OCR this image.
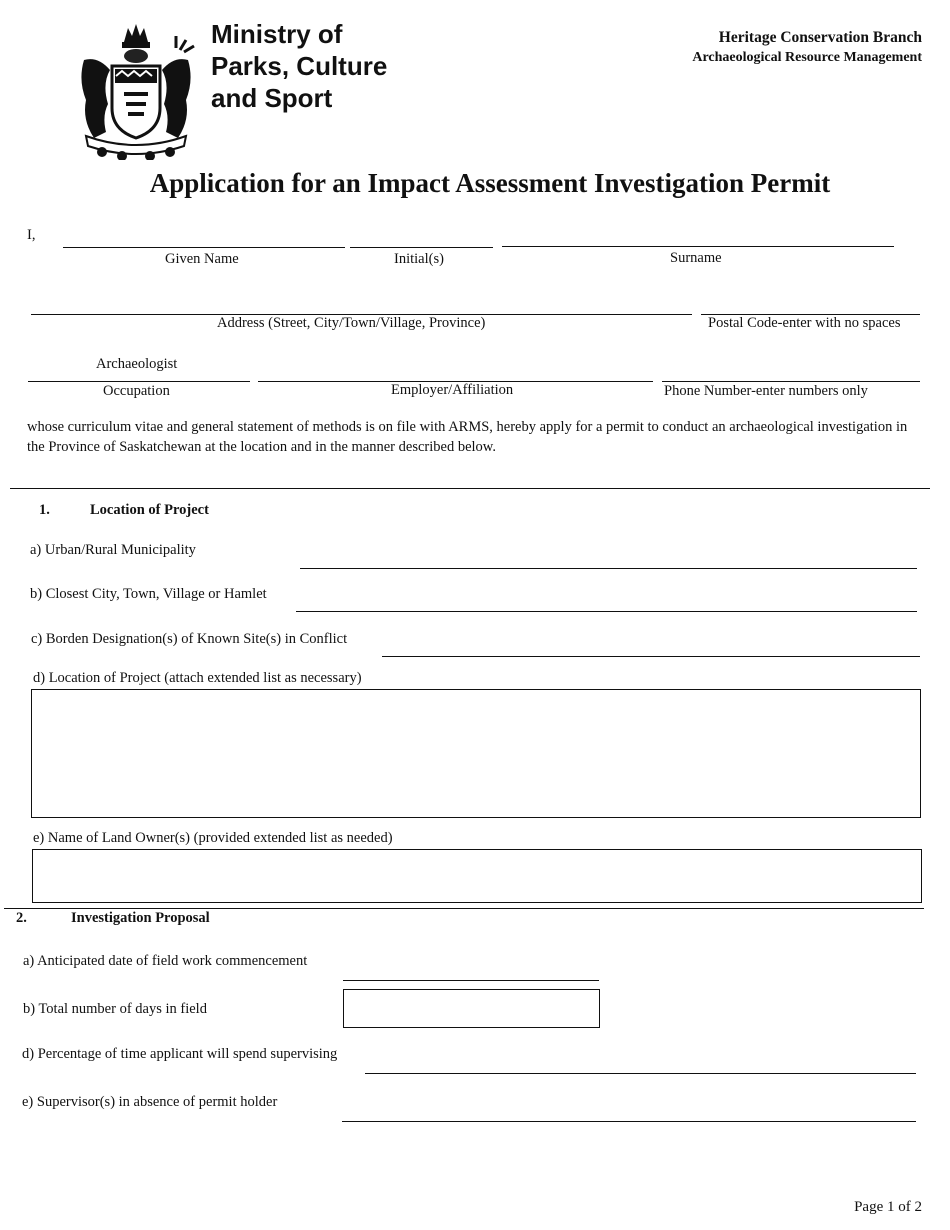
Ministry of
Parks, Culture
and Sport
Heritage Conservation Branch
Archaeological Resource Management
Application for an Impact Assessment Investigation Permit
I,
Given Name	Initial(s)	Surname
Address (Street, City/Town/Village, Province)	Postal Code-enter with no spaces
Archaeologist
Occupation	Employer/Affiliation	Phone Number-enter numbers only
whose curriculum vitae and general statement of methods is on file with ARMS, hereby apply for a permit to conduct an archaeological investigation in the Province of Saskatchewan at the location and in the manner described below.
1.	Location of Project
a) Urban/Rural Municipality
b) Closest City, Town, Village or Hamlet
c) Borden Designation(s) of Known Site(s) in Conflict
d) Location of Project (attach extended list as necessary)
e) Name of Land Owner(s) (provided extended list as needed)
2.	Investigation Proposal
a) Anticipated date of field work commencement
b) Total number of days in field
d) Percentage of time applicant will spend supervising
e) Supervisor(s) in absence of permit holder
Page 1 of 2
